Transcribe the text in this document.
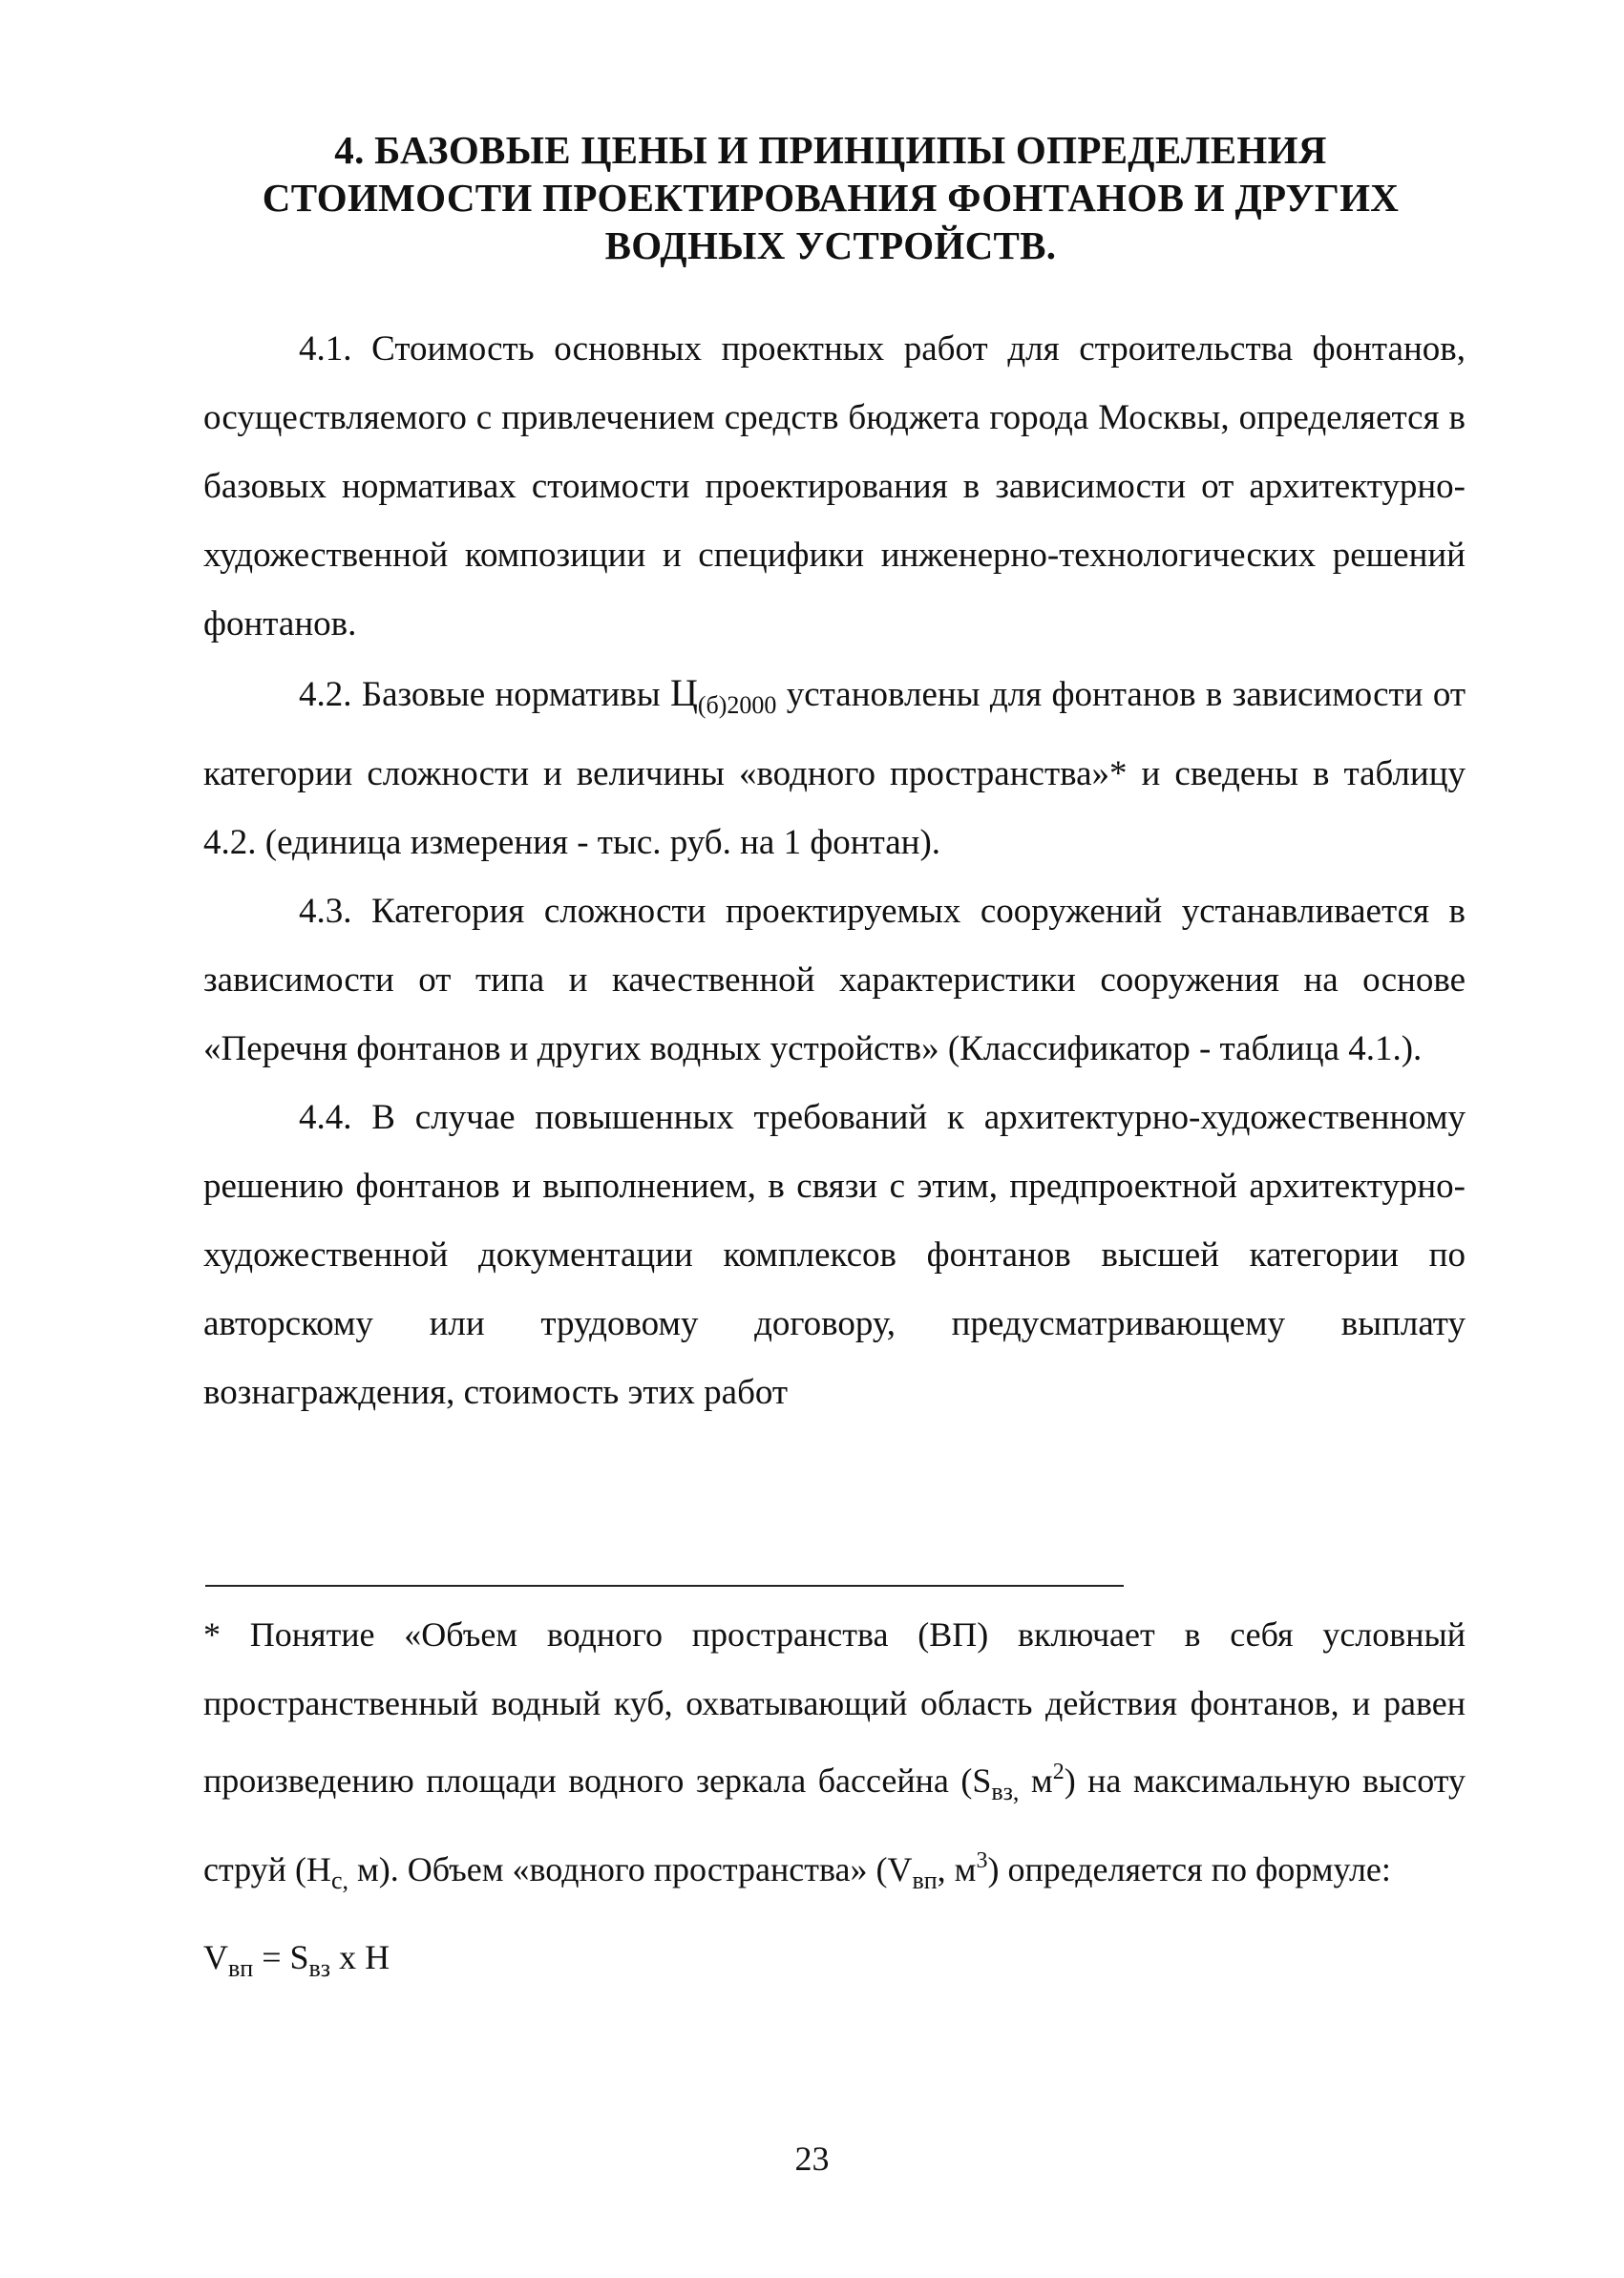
4. БАЗОВЫЕ ЦЕНЫ И ПРИНЦИПЫ ОПРЕДЕЛЕНИЯ
СТОИМОСТИ ПРОЕКТИРОВАНИЯ ФОНТАНОВ И ДРУГИХ
ВОДНЫХ УСТРОЙСТВ.

4.1. Стоимость основных проектных работ для строительства фонтанов, осуществляемого с привлечением средств бюджета города Москвы, определяется в базовых нормативах стоимости проектирования в зависимости от архитектурно-художественной композиции и специфики инженерно-технологических решений фонтанов.

4.2. Базовые нормативы $Ц_{(б)2000}$ установлены для фонтанов в зависимости от категории сложности и величины «водного пространства»* и сведены в таблицу 4.2. (единица измерения - тыс. руб. на 1 фонтан).

4.3. Категория сложности проектируемых сооружений устанавливается в зависимости от типа и качественной характеристики сооружения на основе «Перечня фонтанов и других водных устройств» (Классификатор - таблица 4.1.).

4.4. В случае повышенных требований к архитектурно-художественному решению фонтанов и выполнением, в связи с этим, предпроектной архитектурно-художественной документации комплексов фонтанов высшей категории по авторскому или трудовому договору, предусматривающему выплату вознаграждения, стоимость этих работ

* Понятие «Объем водного пространства (ВП) включает в себя условный пространственный водный куб, охватывающий область действия фонтанов, и равен произведению площади водного зеркала бассейна ($S_{вз,}$ $м^2$) на максимальную высоту струй ($Н_{с,}$ м). Объем «водного пространства» ($V_{вп}$, $м^3$) определяется по формуле:

$V_{вп} = S_{вз}$ х Н
23
